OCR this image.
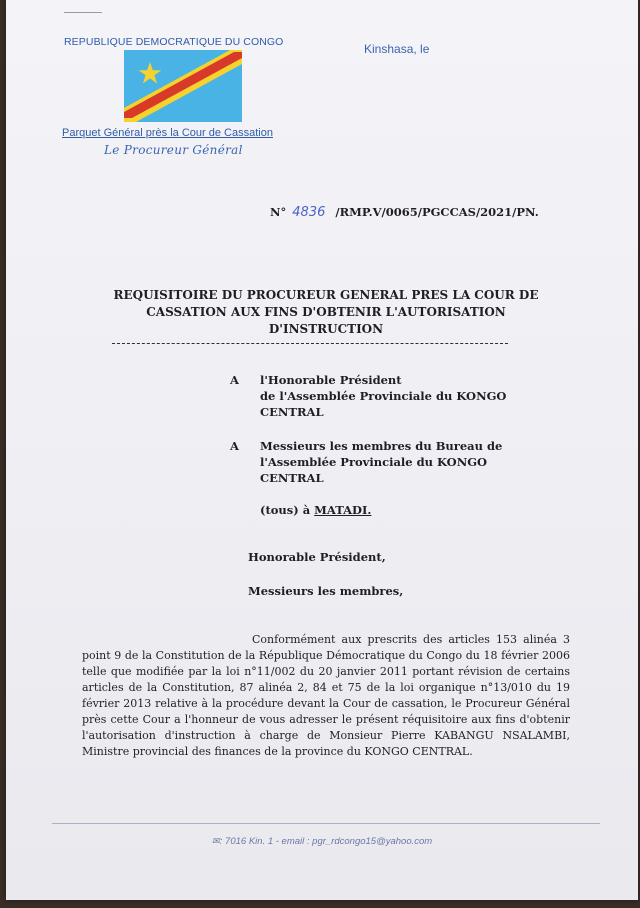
REPUBLIQUE DEMOCRATIQUE DU CONGO	Kinshasa, le
Parquet Général près la Cour de Cassation
Le Procureur Général
N° 4836 /RMP.V/0065/PGCCAS/2021/PN.
REQUISITOIRE DU PROCUREUR GENERAL PRES LA COUR DE
CASSATION AUX FINS D'OBTENIR L'AUTORISATION
D'INSTRUCTION
A l'Honorable Président
de l'Assemblée Provinciale du KONGO
CENTRAL
A Messieurs les membres du Bureau de
l'Assemblée Provinciale du KONGO
CENTRAL
(tous) à MATADI.
Honorable Président,
Messieurs les membres,
Conformément aux prescrits des articles 153 alinéa 3 point 9 de la Constitution de la République Démocratique du Congo du 18 février 2006 telle que modifiée par la loi n°11/002 du 20 janvier 2011 portant révision de certains articles de la Constitution, 87 alinéa 2, 84 et 75 de la loi organique n°13/010 du 19 février 2013 relative à la procédure devant la Cour de cassation, le Procureur Général près cette Cour a l'honneur de vous adresser le présent réquisitoire aux fins d'obtenir l'autorisation d'instruction à charge de Monsieur Pierre KABANGU NSALAMBI, Ministre provincial des finances de la province du KONGO CENTRAL.
✉: 7016 Kin. 1 - email : pgr_rdcongo15@yahoo.com
